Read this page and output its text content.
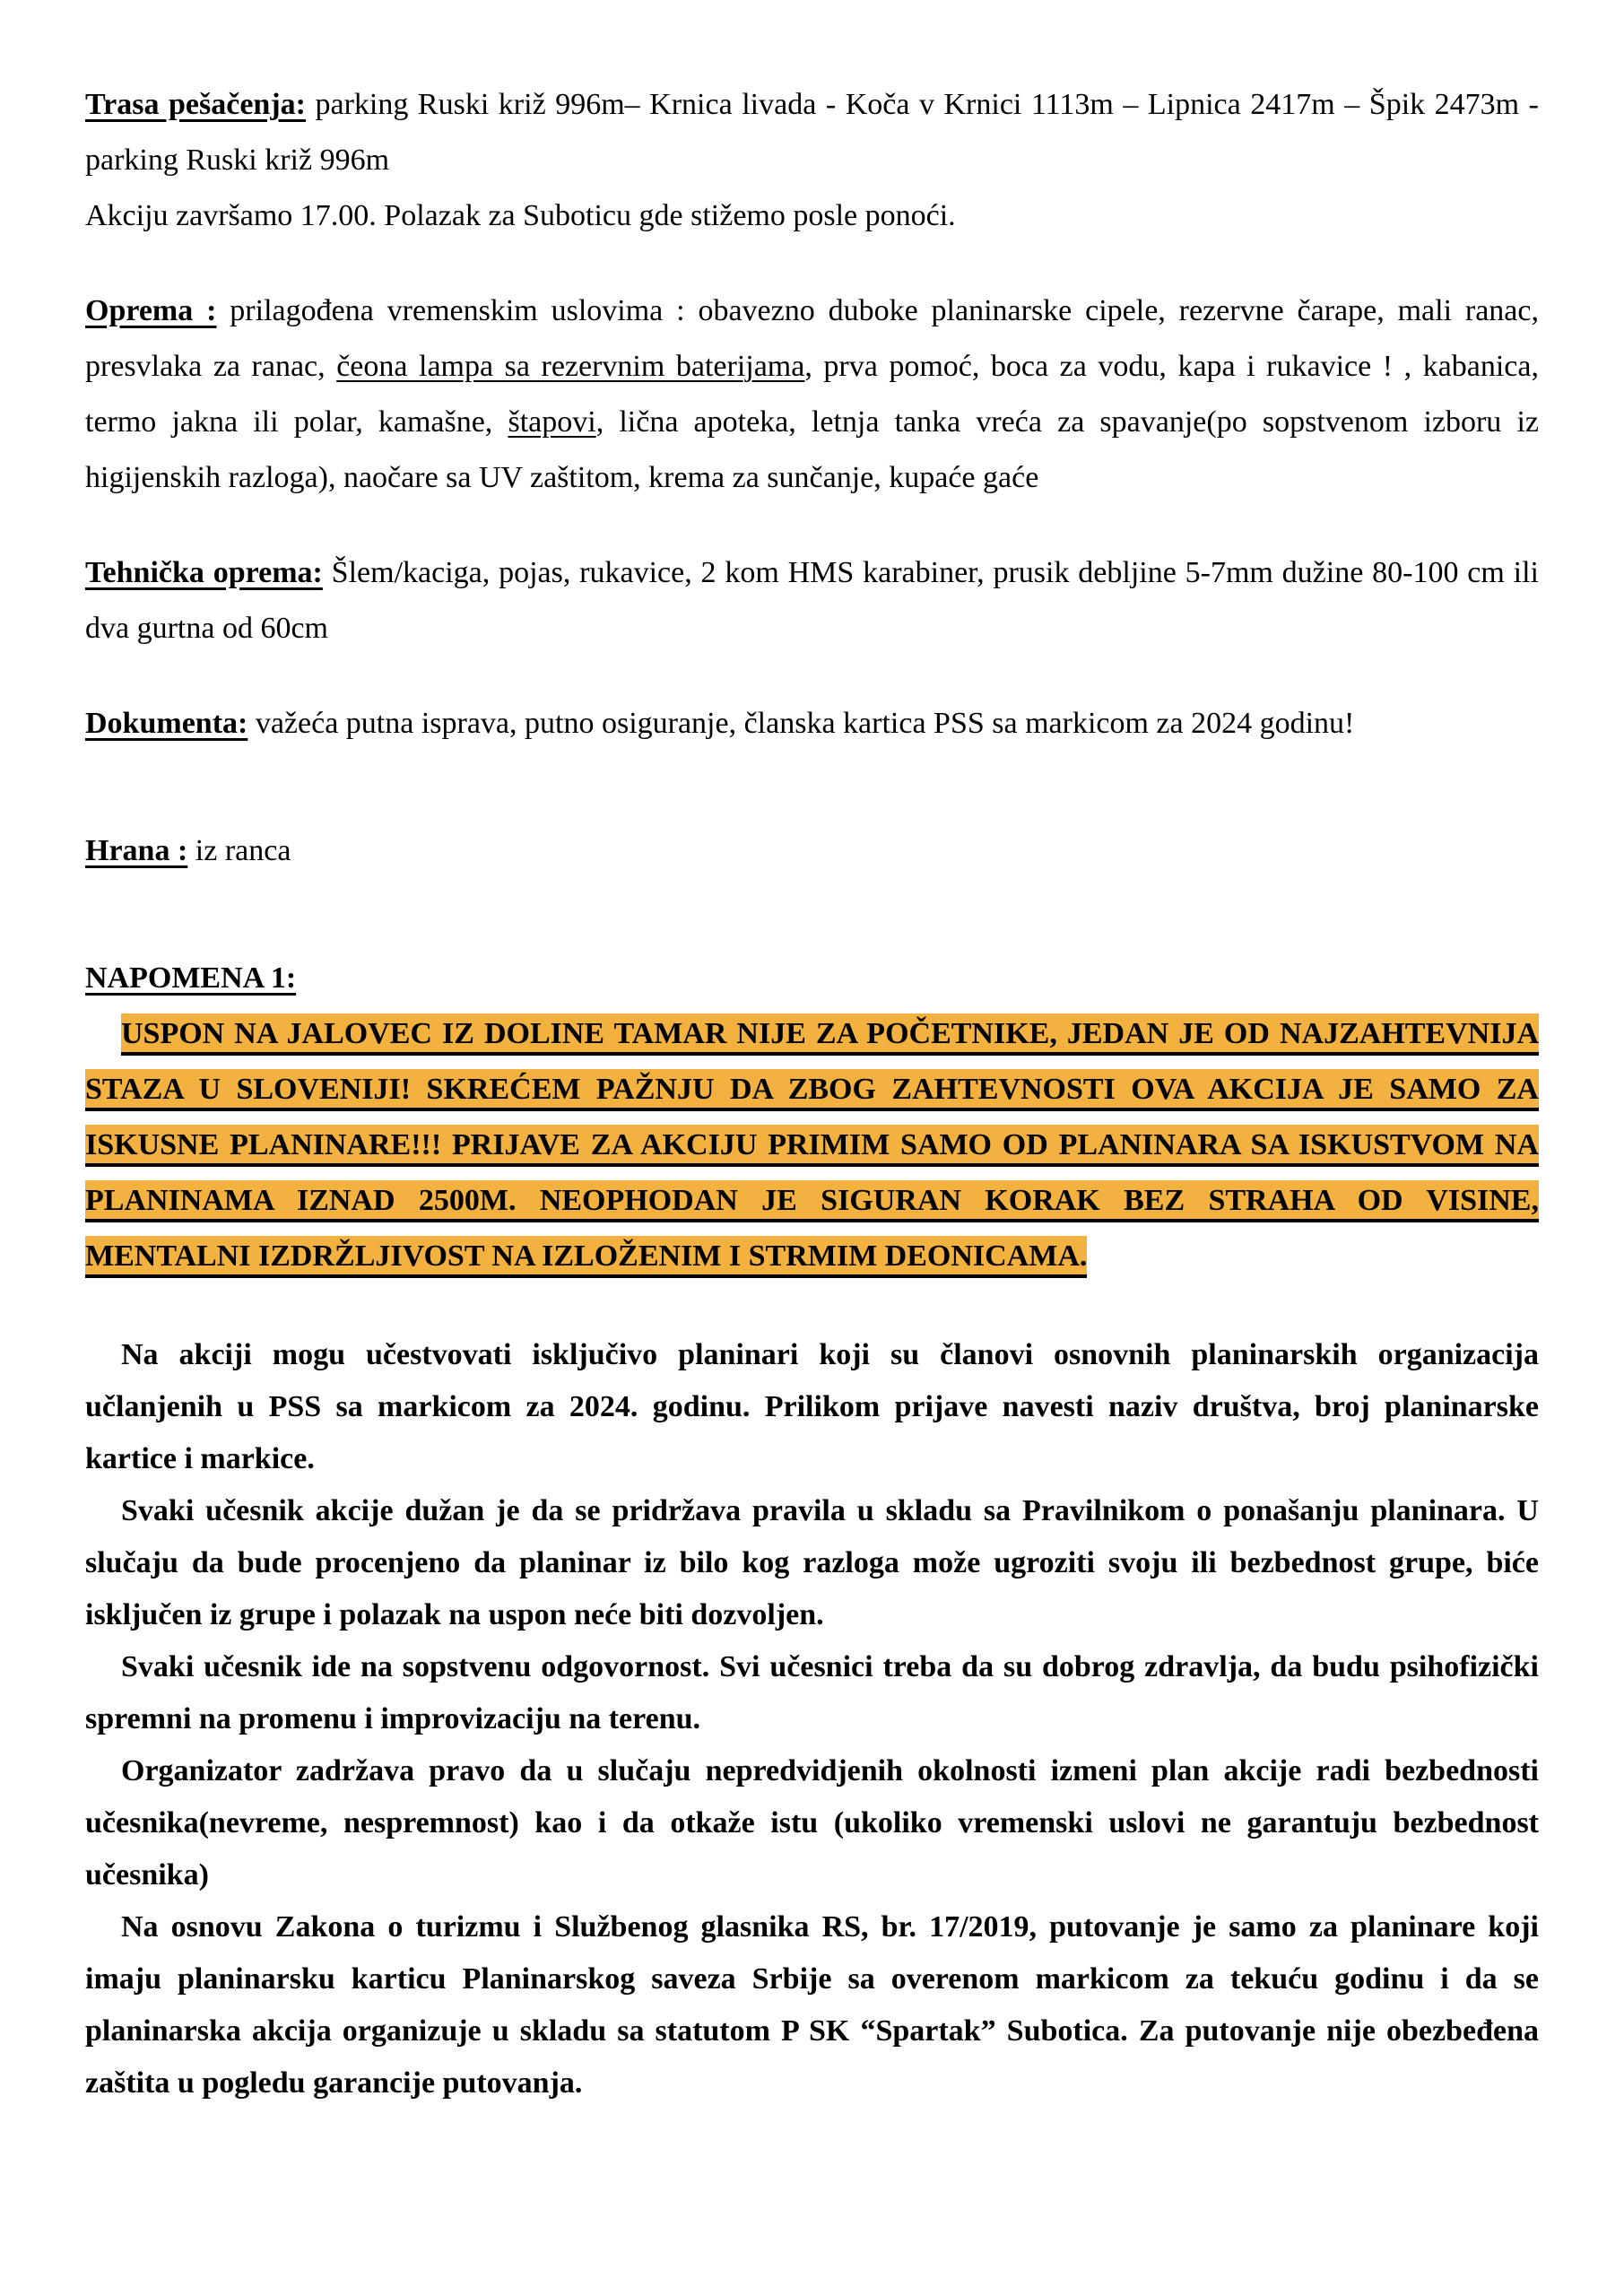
Trasa pešačenja: parking Ruski križ 996m– Krnica livada - Koča v Krnici 1113m – Lipnica 2417m – Špik 2473m - parking Ruski križ 996m

Akciju završamo 17.00. Polazak za Suboticu gde stižemo posle ponoći.

Oprema : prilagođena vremenskim uslovima : obavezno duboke planinarske cipele, rezervne čarape, mali ranac, presvlaka za ranac, čeona lampa sa rezervnim baterijama, prva pomoć, boca za vodu, kapa i rukavice ! , kabanica, termo jakna ili polar, kamašne, štapovi, lična apoteka, letnja tanka vreća za spavanje(po sopstvenom izboru iz higijenskih razloga), naočare sa UV zaštitom, krema za sunčanje, kupaće gaće

Tehnička oprema: Šlem/kaciga, pojas, rukavice, 2 kom HMS karabiner, prusik debljine 5-7mm dužine 80-100 cm ili dva gurtna od 60cm

Dokumenta: važeća putna isprava, putno osiguranje, članska kartica PSS sa markicom za 2024 godinu!

Hrana : iz ranca

NAPOMENA 1:

USPON NA JALOVEC IZ DOLINE TAMAR NIJE ZA POČETNIKE, JEDAN JE OD NAJZAHTEVNIJA STAZA U SLOVENIJI! SKREĆEM PAŽNJU DA ZBOG ZAHTEVNOSTI OVA AKCIJA JE SAMO ZA ISKUSNE PLANINARE!!! PRIJAVE ZA AKCIJU PRIMIM SAMO OD PLANINARA SA ISKUSTVOM NA PLANINAMA IZNAD 2500M. NEOPHODAN JE SIGURAN KORAK BEZ STRAHA OD VISINE, MENTALNI IZDRŽLJIVOST NA IZLOŽENIM I STRMIM DEONICAMA.

Na akciji mogu učestvovati isključivo planinari koji su članovi osnovnih planinarskih organizacija učlanjenih u PSS sa markicom za 2024. godinu. Prilikom prijave navesti naziv društva, broj planinarske kartice i markice.

Svaki učesnik akcije dužan je da se pridržava pravila u skladu sa Pravilnikom o ponašanju planinara. U slučaju da bude procenjeno da planinar iz bilo kog razloga može ugroziti svoju ili bezbednost grupe, biće isključen iz grupe i polazak na uspon neće biti dozvoljen.

Svaki učesnik ide na sopstvenu odgovornost. Svi učesnici treba da su dobrog zdravlja, da budu psihofizički spremni na promenu i improvizaciju na terenu.

Organizator zadržava pravo da u slučaju nepredvidjenih okolnosti izmeni plan akcije radi bezbednosti učesnika(nevreme, nespremnost) kao i da otkaže istu (ukoliko vremenski uslovi ne garantuju bezbednost učesnika)

Na osnovu Zakona o turizmu i Službenog glasnika RS, br. 17/2019, putovanje je samo za planinare koji imaju planinarsku karticu Planinarskog saveza Srbije sa overenom markicom za tekuću godinu i da se planinarska akcija organizuje u skladu sa statutom P SK “Spartak” Subotica. Za putovanje nije obezbeđena zaštita u pogledu garancije putovanja.
